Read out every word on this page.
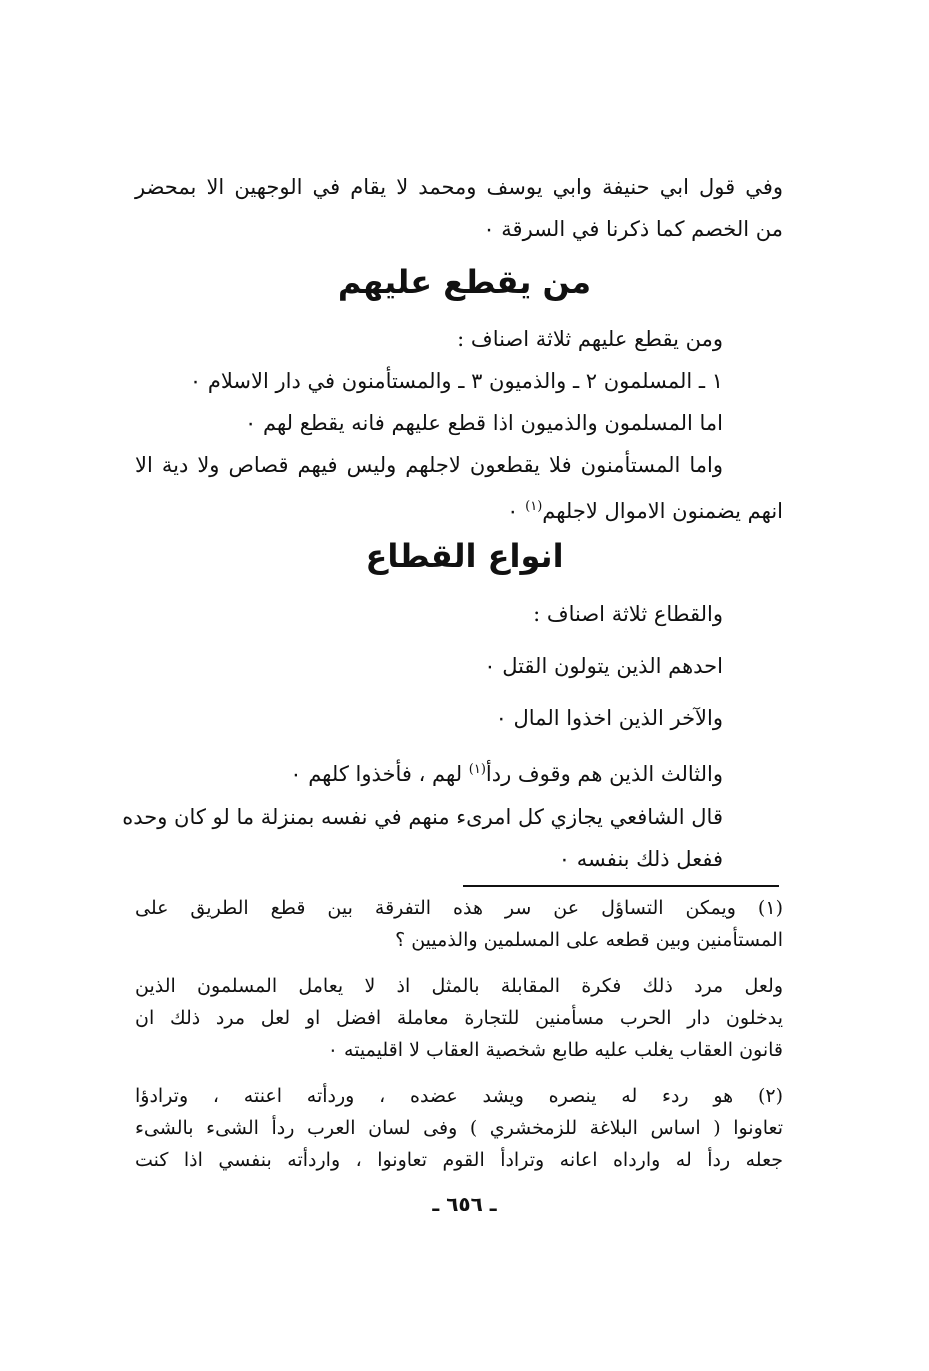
وفي قول ابي حنيفة وابي يوسف ومحمد لا يقام في الوجهين الا بمحضر
من الخصم كما ذكرنا في السرقة ٠
من يقطع عليهم
ومن يقطع عليهم ثلاثة اصناف :
١ ـ المسلمون ٢ ـ والذميون ٣ ـ والمستأمنون في دار الاسلام ٠
اما المسلمون والذميون اذا قطع عليهم فانه يقطع لهم ٠
واما المستأمنون فلا يقطعون لاجلهم وليس فيهم قصاص ولا دية الا
انهم يضمنون الاموال لاجلهم$^{(١)}$ ٠
انواع القطاع
والقطاع ثلاثة اصناف :
احدهم الذين يتولون القتل ٠
والآخر الذين اخذوا المال ٠
والثالث الذين هم وقوف ردأ$^{(١)}$ لهم ، فأخذوا كلهم ٠
قال الشافعي يجازي كل امرىء منهم في نفسه بمنزلة ما لو كان وحده
ففعل ذلك بنفسه ٠
(١) ويمكن التساؤل عن سر هذه التفرقة بين قطع الطريق على
المستأمنين وبين قطعه على المسلمين والذميين ؟
ولعل مرد ذلك فكرة المقابلة بالمثل اذ لا يعامل المسلمون الذين
يدخلون دار الحرب مسأمنين للتجارة معاملة افضل او لعل مرد ذلك ان
قانون العقاب يغلب عليه طابع شخصية العقاب لا اقليميته ٠
(٢) هو ردء له ينصره ويشد عضده ، وردأته اعنته ، وترادؤا
تعاونوا ( اساس البلاغة للزمخشري ) وفى لسان العرب ردأ الشىء بالشىء
جعله ردأ له وارداه اعانه وترادأ القوم تعاونوا ، واردأته بنفسي اذا كنت
ـ ٦٥٦ ـ
